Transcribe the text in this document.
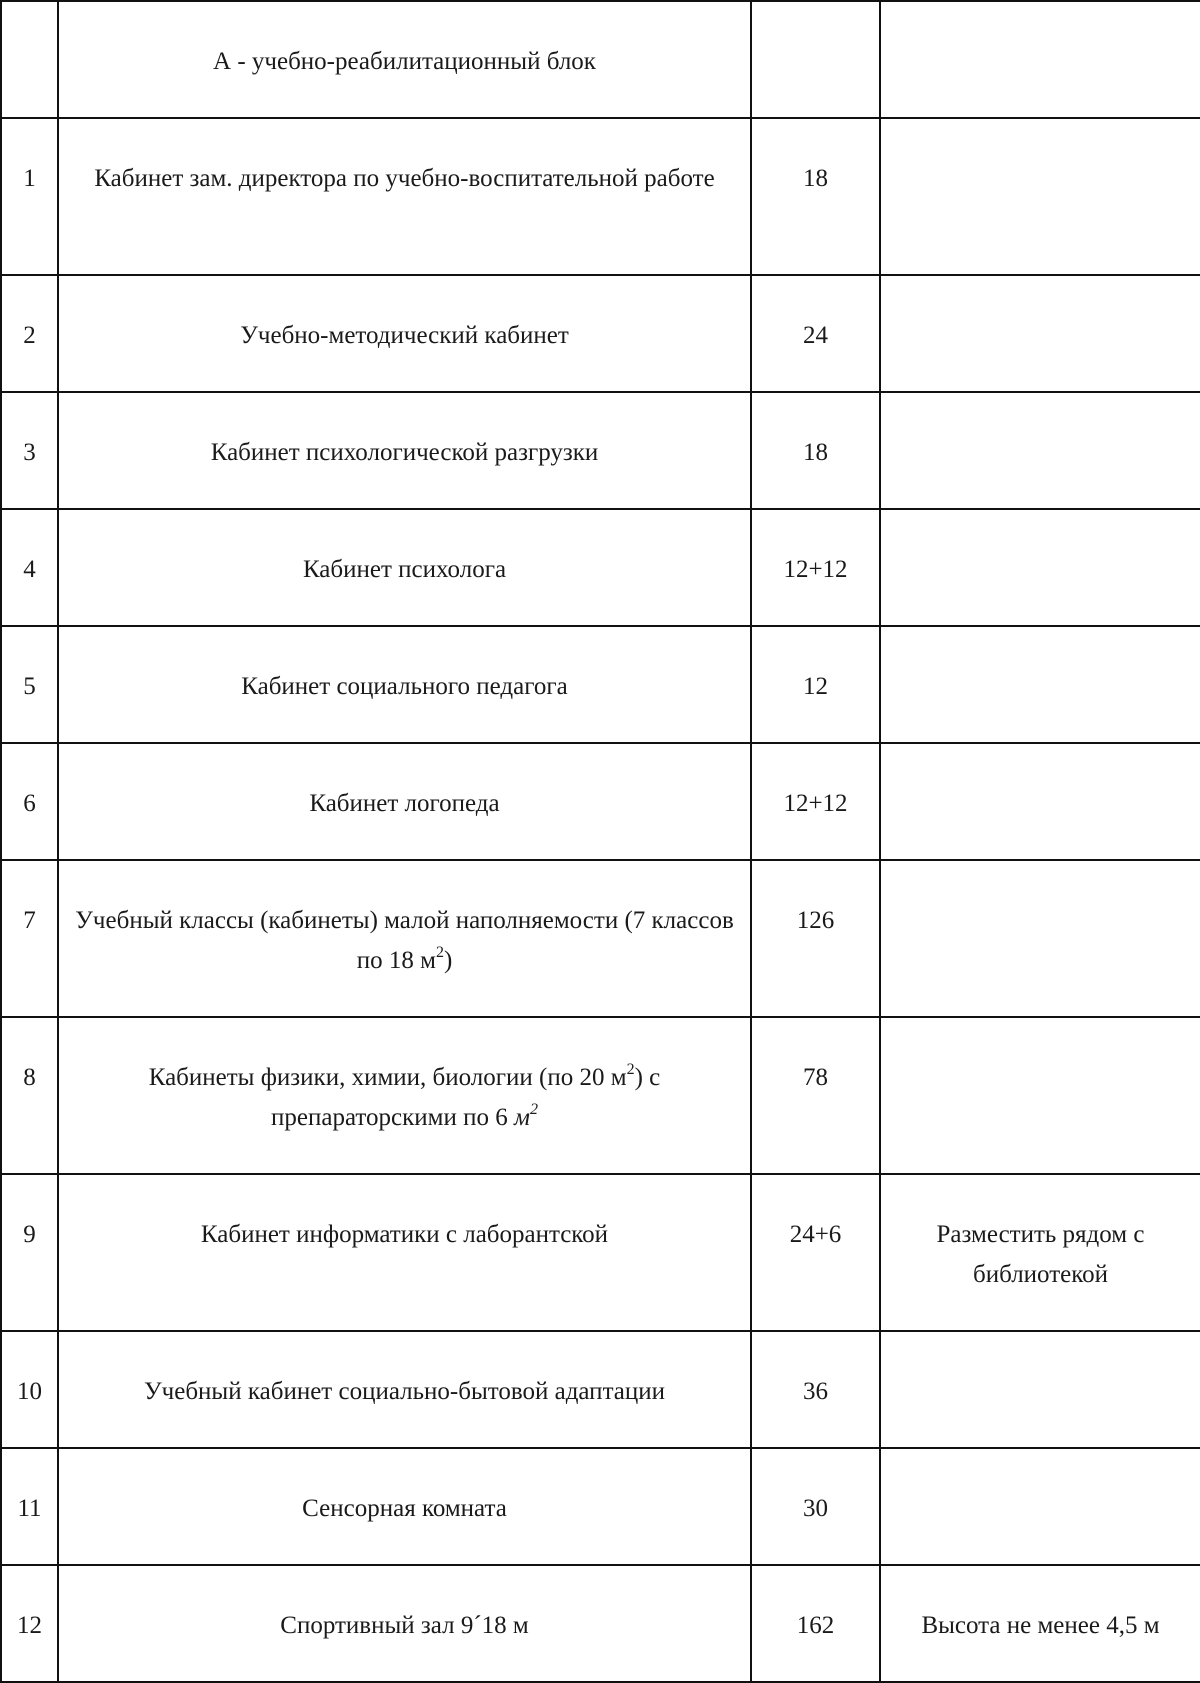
	А - учебно-реабилитационный блок		
1	Кабинет зам. директора по учебно-воспитательной работе	18	
2	Учебно-методический кабинет	24	
3	Кабинет психологической разгрузки	18	
4	Кабинет психолога	12+12	
5	Кабинет социального педагога	12	
6	Кабинет логопеда	12+12	
7	Учебный классы (кабинеты) малой наполняемости (7 классов по 18 $м^2$)	126	
8	Кабинеты физики, химии, биологии (по 20 $м^2$) с препараторскими по 6 $м^2$	78	
9	Кабинет информатики с лаборантской	24+6	Разместить рядом с библиотекой
10	Учебный кабинет социально-бытовой адаптации	36	
11	Сенсорная комната	30	
12	Спортивный зал 9´18 м	162	Высота не менее 4,5 м
